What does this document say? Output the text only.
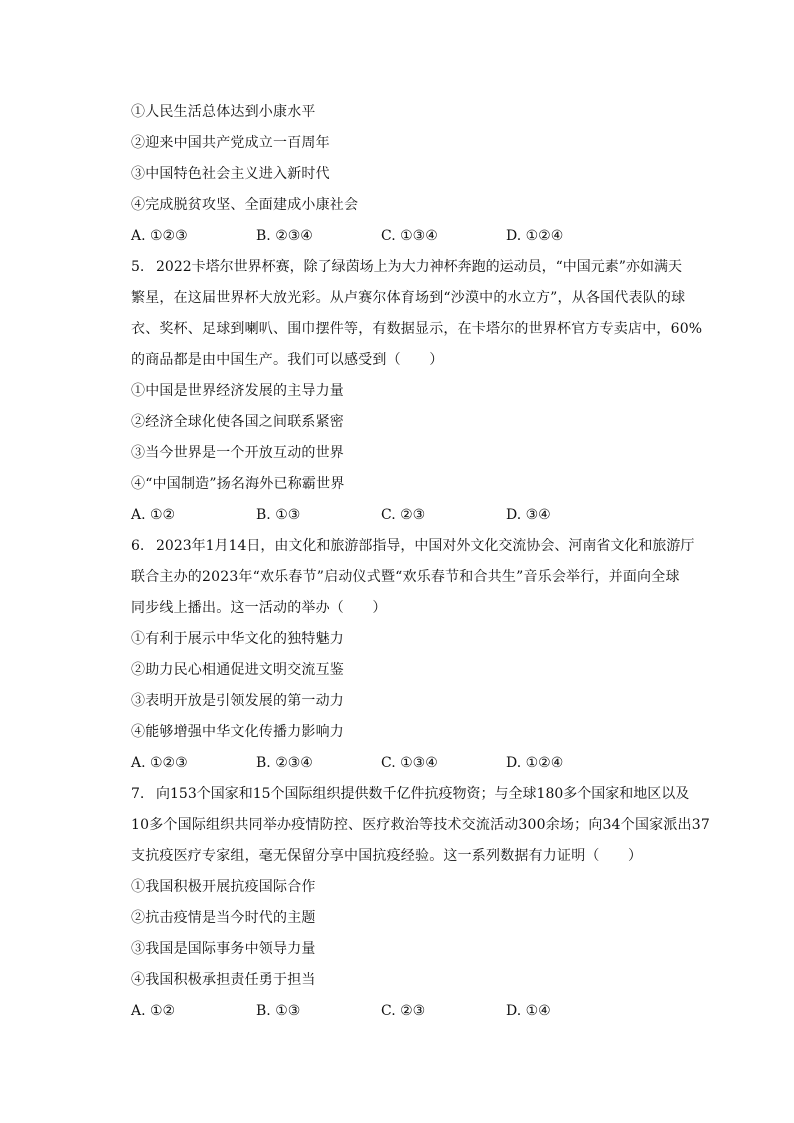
①人民生活总体达到小康水平
②迎来中国共产党成立一百周年
③中国特色社会主义进入新时代
④完成脱贫攻坚、全面建成小康社会
A. ①②③	B. ②③④	C. ①③④	D. ①②④
5. 2022卡塔尔世界杯赛，除了绿茵场上为大力神杯奔跑的运动员，“中国元素”亦如满天
繁星，在这届世界杯大放光彩。从卢赛尔体育场到“沙漠中的水立方”，从各国代表队的球
衣、奖杯、足球到喇叭、围巾摆件等，有数据显示，在卡塔尔的世界杯官方专卖店中，60%
的商品都是由中国生产。我们可以感受到（　　）
①中国是世界经济发展的主导力量
②经济全球化使各国之间联系紧密
③当今世界是一个开放互动的世界
④“中国制造”扬名海外已称霸世界
A. ①②	B. ①③	C. ②③	D. ③④
6. 2023年1月14日，由文化和旅游部指导，中国对外文化交流协会、河南省文化和旅游厅
联合主办的2023年“欢乐春节”启动仪式暨“欢乐春节和合共生”音乐会举行，并面向全球
同步线上播出。这一活动的举办（　　）
①有利于展示中华文化的独特魅力
②助力民心相通促进文明交流互鉴
③表明开放是引领发展的第一动力
④能够增强中华文化传播力影响力
A. ①②③	B. ②③④	C. ①③④	D. ①②④
7. 向153个国家和15个国际组织提供数千亿件抗疫物资；与全球180多个国家和地区以及
10多个国际组织共同举办疫情防控、医疗救治等技术交流活动300余场；向34个国家派出37
支抗疫医疗专家组，毫无保留分享中国抗疫经验。这一系列数据有力证明（　　）
①我国积极开展抗疫国际合作
②抗击疫情是当今时代的主题
③我国是国际事务中领导力量
④我国积极承担责任勇于担当
A. ①②	B. ①③	C. ②③	D. ①④
